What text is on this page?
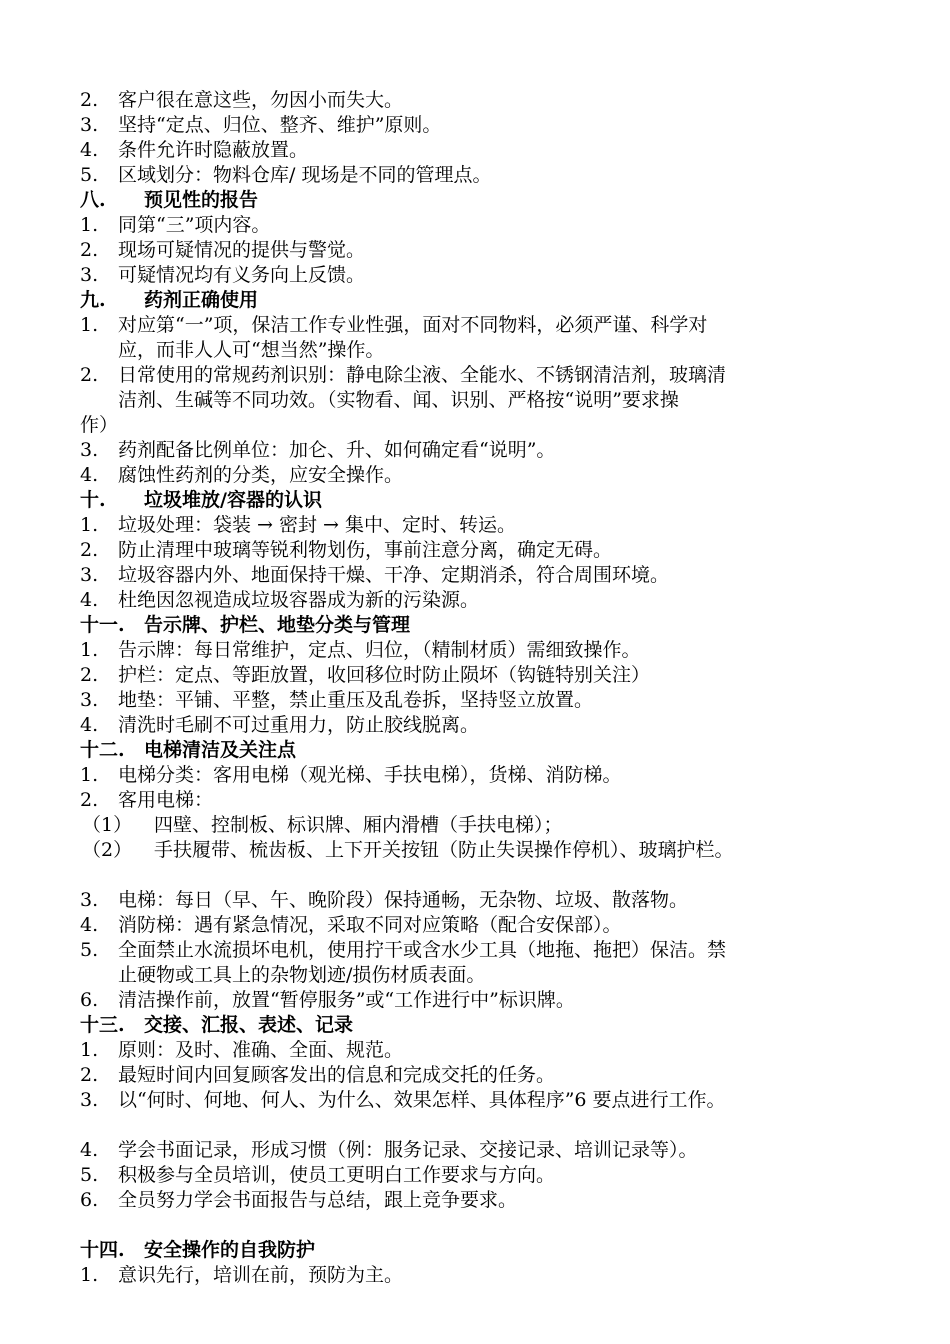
2.	客户很在意这些，勿因小而失大。
3.	坚持“定点、归位、整齐、维护”原则。
4.	条件允许时隐蔽放置。
5.	区域划分：物料仓库/ 现场是不同的管理点。
八.	预见性的报告
1.	同第“三”项内容。
2.	现场可疑情况的提供与警觉。
3.	可疑情况均有义务向上反馈。
九.	药剂正确使用
1.	对应第“一”项，保洁工作专业性强，面对不同物料，必须严谨、科学对
应，而非人人可“想当然”操作。
2.	日常使用的常规药剂识别：静电除尘液、全能水、不锈钢清洁剂，玻璃清
洁剂、生碱等不同功效。（实物看、闻、识别、严格按“说明”要求操
作）
3.	药剂配备比例单位：加仑、升、如何确定看“说明”。
4.	腐蚀性药剂的分类，应安全操作。
十.	垃圾堆放/容器的认识
1.	垃圾处理：袋装 → 密封 → 集中、定时、转运。
2.	防止清理中玻璃等锐利物划伤，事前注意分离，确定无碍。
3.	垃圾容器内外、地面保持干燥、干净、定期消杀，符合周围环境。
4.	杜绝因忽视造成垃圾容器成为新的污染源。
十一.	告示牌、护栏、地垫分类与管理
1.	告示牌：每日常维护，定点、归位，（精制材质）需细致操作。
2.	护栏：定点、等距放置，收回移位时防止陨坏（钩链特别关注）
3.	地垫：平铺、平整，禁止重压及乱卷拆，坚持竖立放置。
4.	清洗时毛刷不可过重用力，防止胶线脱离。
十二.	电梯清洁及关注点
1.	电梯分类：客用电梯（观光梯、手扶电梯），货梯、消防梯。
2.	客用电梯：
（1）	四壁、控制板、标识牌、厢内滑槽（手扶电梯）；
（2）	手扶履带、梳齿板、上下开关按钮（防止失误操作停机）、玻璃护栏。
3.	电梯：每日（早、午、晚阶段）保持通畅，无杂物、垃圾、散落物。
4.	消防梯：遇有紧急情况，采取不同对应策略（配合安保部）。
5.	全面禁止水流损坏电机，使用拧干或含水少工具（地拖、拖把）保洁。禁
止硬物或工具上的杂物划迹/损伤材质表面。
6.	清洁操作前，放置“暂停服务”或“工作进行中”标识牌。
十三.	交接、汇报、表述、记录
1.	原则：及时、准确、全面、规范。
2.	最短时间内回复顾客发出的信息和完成交托的任务。
3.	以“何时、何地、何人、为什么、效果怎样、具体程序”6 要点进行工作。
4.	学会书面记录，形成习惯（例：服务记录、交接记录、培训记录等）。
5.	积极参与全员培训，使员工更明白工作要求与方向。
6.	全员努力学会书面报告与总结，跟上竞争要求。
十四.	安全操作的自我防护
1.	意识先行，培训在前，预防为主。
